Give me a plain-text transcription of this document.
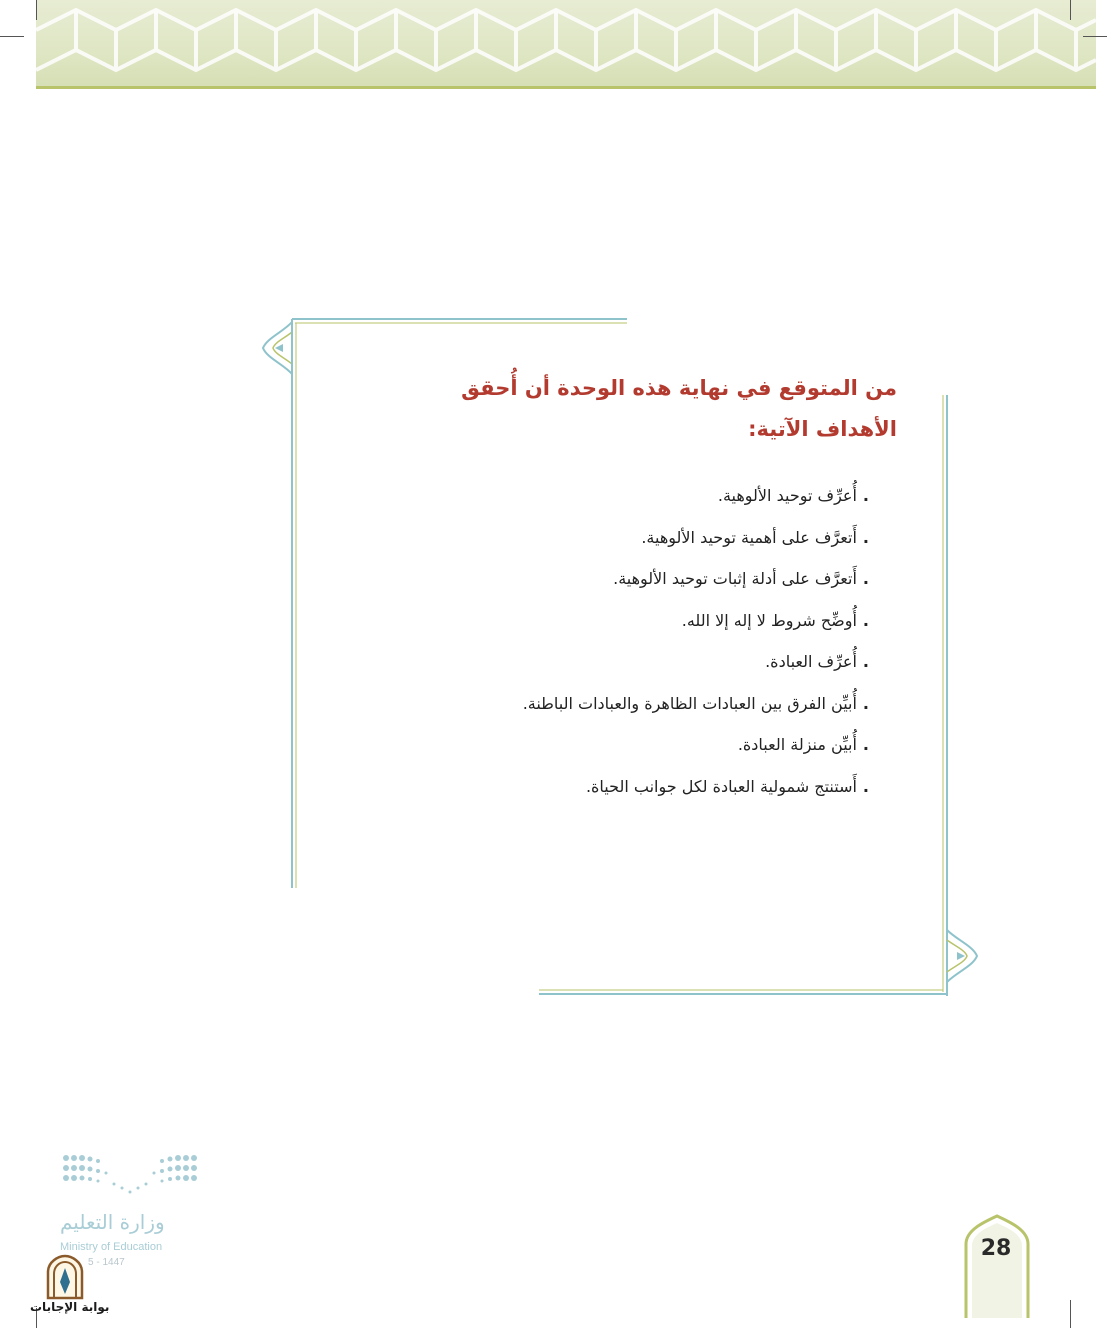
من المتوقع في نهاية هذه الوحدة أن أُحقق الأهداف الآتية:
.أُعرِّف توحيد الألوهية.
.أَتعرَّف على أهمية توحيد الألوهية.
.أَتعرَّف على أدلة إثبات توحيد الألوهية.
.أُوضِّح شروط لا إله إلا الله.
.أُعرِّف العبادة.
.أُبيِّن الفرق بين العبادات الظاهرة والعبادات الباطنة.
.أُبيِّن منزلة العبادة.
.أَستنتج شمولية العبادة لكل جوانب الحياة.
وزارة التعليم
Ministry of Education
5 - 1447
بوابة الإجابات
28
